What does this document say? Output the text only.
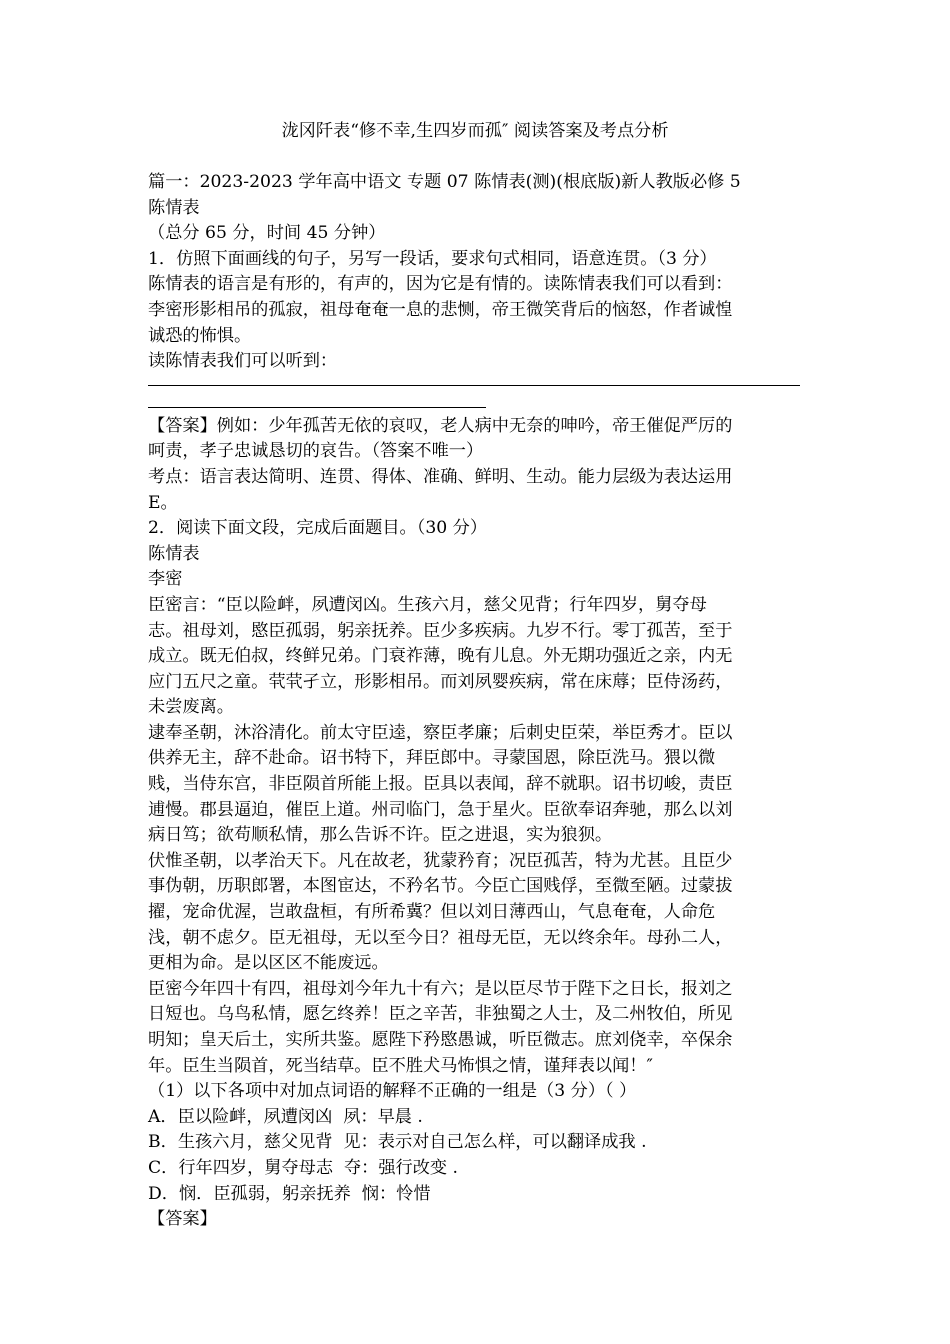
泷冈阡表“修不幸,生四岁而孤″ 阅读答案及考点分析
篇一：2023-2023 学年高中语文 专题 07 陈情表(测)(根底版)新人教版必修 5
陈情表
（总分 65 分，时间 45 分钟）
1．仿照下面画线的句子，另写一段话，要求句式相同，语意连贯。（3 分）
陈情表的语言是有形的，有声的，因为它是有情的。读陈情表我们可以看到：
李密形影相吊的孤寂，祖母奄奄一息的悲恻，帝王微笑背后的恼怒，作者诚惶
诚恐的怖惧。
读陈情表我们可以听到：
【答案】例如：少年孤苦无依的哀叹，老人病中无奈的呻吟，帝王催促严厉的
呵责，孝子忠诚恳切的哀告。（答案不唯一）
考点：语言表达简明、连贯、得体、准确、鲜明、生动。能力层级为表达运用
E。
2．阅读下面文段，完成后面题目。（30 分）
陈情表
李密
臣密言：“臣以险衅，夙遭闵凶。生孩六月，慈父见背；行年四岁，舅夺母
志。祖母刘，愍臣孤弱，躬亲抚养。臣少多疾病。九岁不行。零丁孤苦，至于
成立。既无伯叔，终鲜兄弟。门衰祚薄，晚有儿息。外无期功强近之亲，内无
应门五尺之童。茕茕孑立，形影相吊。而刘夙婴疾病，常在床蓐；臣侍汤药，
未尝废离。
逮奉圣朝，沐浴清化。前太守臣逵，察臣孝廉；后刺史臣荣，举臣秀才。臣以
供养无主，辞不赴命。诏书特下，拜臣郎中。寻蒙国恩，除臣洗马。猥以微
贱，当侍东宫，非臣陨首所能上报。臣具以表闻，辞不就职。诏书切峻，责臣
逋慢。郡县逼迫，催臣上道。州司临门，急于星火。臣欲奉诏奔驰，那么以刘
病日笃；欲苟顺私情，那么告诉不许。臣之进退，实为狼狈。
伏惟圣朝，以孝治天下。凡在故老，犹蒙矜育；况臣孤苦，特为尤甚。且臣少
事伪朝，历职郎署，本图宦达，不矜名节。今臣亡国贱俘，至微至陋。过蒙拔
擢，宠命优渥，岂敢盘桓，有所希冀？但以刘日薄西山，气息奄奄，人命危
浅，朝不虑夕。臣无祖母，无以至今日？祖母无臣，无以终余年。母孙二人，
更相为命。是以区区不能废远。
臣密今年四十有四，祖母刘今年九十有六；是以臣尽节于陛下之日长，报刘之
日短也。乌鸟私情，愿乞终养！臣之辛苦，非独蜀之人士，及二州牧伯，所见
明知；皇天后土，实所共鉴。愿陛下矜愍愚诚，听臣微志。庶刘侥幸，卒保余
年。臣生当陨首，死当结草。臣不胜犬马怖惧之情，谨拜表以闻！″
（1）以下各项中对加点词语的解释不正确的一组是（3 分）（ ）
A．臣以险衅，夙遭闵凶  夙：早晨 .
B．生孩六月，慈父见背  见：表示对自己怎么样，可以翻译成我 .
C．行年四岁，舅夺母志  夺：强行改变 .
D．悯．臣孤弱，躬亲抚养  悯：怜惜
【答案】
